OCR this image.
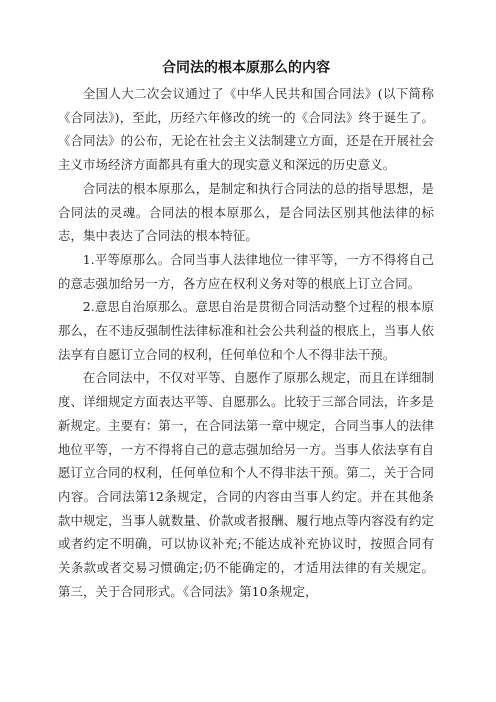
合同法的根本原那么的内容

全国人大二次会议通过了《中华人民共和国合同法》(以下简称《合同法》)，至此，历经六年修改的统一的《合同法》终于诞生了。《合同法》的公布，无论在社会主义法制建立方面，还是在开展社会主义市场经济方面都具有重大的现实意义和深远的历史意义。

合同法的根本原那么，是制定和执行合同法的总的指导思想，是合同法的灵魂。合同法的根本原那么，是合同法区别其他法律的标志，集中表达了合同法的根本特征。

1.平等原那么。合同当事人法律地位一律平等，一方不得将自己的意志强加给另一方，各方应在权利义务对等的根底上订立合同。

2.意思自治原那么。意思自治是贯彻合同活动整个过程的根本原那么，在不违反强制性法律标准和社会公共利益的根底上，当事人依法享有自愿订立合同的权利，任何单位和个人不得非法干预。

在合同法中，不仅对平等、自愿作了原那么规定，而且在详细制度、详细规定方面表达平等、自愿那么。比较于三部合同法，许多是新规定。主要有：第一，在合同法第一章中规定，合同当事人的法律地位平等，一方不得将自己的意志强加给另一方。当事人依法享有自愿订立合同的权利，任何单位和个人不得非法干预。第二，关于合同内容。合同法第12条规定，合同的内容由当事人约定。并在其他条款中规定，当事人就数量、价款或者报酬、履行地点等内容没有约定或者约定不明确，可以协议补充;不能达成补充协议时，按照合同有关条款或者交易习惯确定;仍不能确定的，才适用法律的有关规定。第三，关于合同形式。《合同法》第10条规定，
